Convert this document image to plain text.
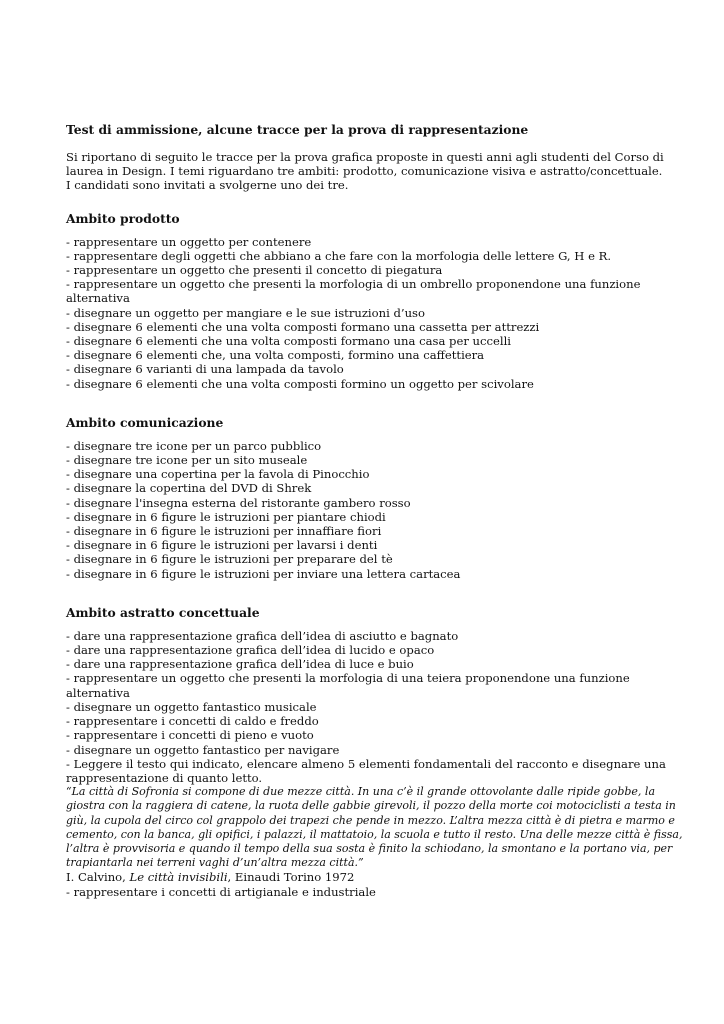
Test di ammissione, alcune tracce per la prova di rappresentazione

Si riportano di seguito le tracce per la prova grafica proposte in questi anni agli studenti del Corso di laurea in Design. I temi riguardano tre ambiti: prodotto, comunicazione visiva e astratto/concettuale.

I candidati sono invitati a svolgerne uno dei tre.

Ambito prodotto
- rappresentare un oggetto per contenere
- rappresentare degli oggetti che abbiano a che fare con la morfologia delle lettere G, H e R.
- rappresentare un oggetto che presenti il concetto di piegatura
- rappresentare un oggetto che presenti la morfologia di un ombrello proponendone una funzione alternativa
- disegnare un oggetto per mangiare e le sue istruzioni d’uso
- disegnare 6 elementi che una volta composti formano una cassetta per attrezzi
- disegnare 6 elementi che una volta composti formano una casa per uccelli
- disegnare 6 elementi che, una volta composti, formino una caffettiera
- disegnare 6 varianti di una lampada da tavolo
- disegnare 6 elementi che una volta composti formino un oggetto per scivolare
Ambito comunicazione
- disegnare tre icone per un parco pubblico
- disegnare tre icone per un sito museale
- disegnare una copertina per la favola di Pinocchio
- disegnare la copertina del DVD di Shrek
- disegnare l'insegna esterna del ristorante gambero rosso
- disegnare in 6 figure le istruzioni per piantare chiodi
- disegnare in 6 figure le istruzioni per innaffiare fiori
- disegnare in 6 figure le istruzioni per lavarsi i denti
- disegnare in 6 figure le istruzioni per preparare del tè
- disegnare in 6 figure le istruzioni per inviare una lettera cartacea
Ambito astratto concettuale
- dare una rappresentazione grafica dell’idea di asciutto e bagnato
- dare una rappresentazione grafica dell’idea di lucido e opaco
- dare una rappresentazione grafica dell’idea di luce e buio
- rappresentare un oggetto che presenti la morfologia di una teiera proponendone una funzione alternativa
- disegnare un oggetto fantastico musicale
- rappresentare i concetti di caldo e freddo
- rappresentare i concetti di pieno e vuoto
- disegnare un oggetto fantastico per navigare
- Leggere il testo qui indicato, elencare almeno 5 elementi fondamentali del racconto e disegnare una rappresentazione di quanto letto.

“La città di Sofronia si compone di due mezze città. In una c’è il grande ottovolante dalle ripide gobbe, la giostra con la raggiera di catene, la ruota delle gabbie girevoli, il pozzo della morte coi motociclisti a testa in giù, la cupola del circo col grappolo dei trapezi che pende in mezzo. L’altra mezza città è di pietra e marmo e cemento, con la banca, gli opifici, i palazzi, il mattatoio, la scuola e tutto il resto. Una delle mezze città è fissa, l’altra è provvisoria e quando il tempo della sua sosta è finito la schiodano, la smontano e la portano via, per trapiantarla nei terreni vaghi d’un’altra mezza città.”

I. Calvino, Le città invisibili, Einaudi Torino 1972

- rappresentare i concetti di artigianale e industriale
